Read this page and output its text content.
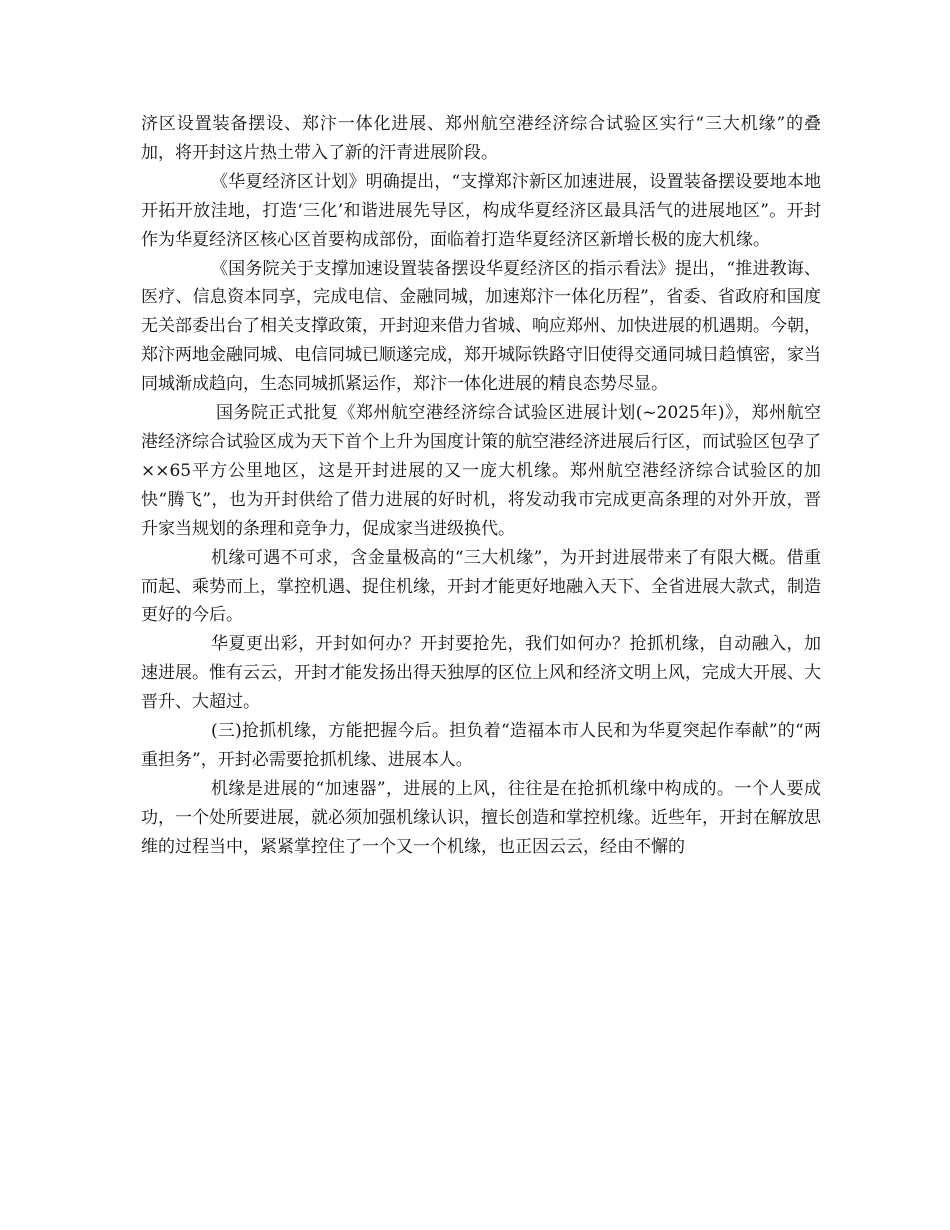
济区设置装备摆设、郑汴一体化进展、郑州航空港经济综合试验区实行“三大机缘”的叠加，将开封这片热土带入了新的汗青进展阶段。

《华夏经济区计划》明确提出，“支撑郑汴新区加速进展，设置装备摆设要地本地开拓开放洼地，打造‘三化’和谐进展先导区，构成华夏经济区最具活气的进展地区”。开封作为华夏经济区核心区首要构成部份，面临着打造华夏经济区新增长极的庞大机缘。

《国务院关于支撑加速设置装备摆设华夏经济区的指示看法》提出，“推进教诲、医疗、信息资本同享，完成电信、金融同城，加速郑汴一体化历程”，省委、省政府和国度无关部委出台了相关支撑政策，开封迎来借力省城、响应郑州、加快进展的机遇期。今朝，郑汴两地金融同城、电信同城已顺遂完成，郑开城际铁路守旧使得交通同城日趋慎密，家当同城渐成趋向，生态同城抓紧运作，郑汴一体化进展的精良态势尽显。

国务院正式批复《郑州航空港经济综合试验区进展计划(~2025年)》，郑州航空港经济综合试验区成为天下首个上升为国度计策的航空港经济进展后行区，而试验区包孕了××65平方公里地区，这是开封进展的又一庞大机缘。郑州航空港经济综合试验区的加快“腾飞”，也为开封供给了借力进展的好时机，将发动我市完成更高条理的对外开放，晋升家当规划的条理和竞争力，促成家当进级换代。

机缘可遇不可求，含金量极高的“三大机缘”，为开封进展带来了有限大概。借重而起、乘势而上，掌控机遇、捉住机缘，开封才能更好地融入天下、全省进展大款式，制造更好的今后。

华夏更出彩，开封如何办？开封要抢先，我们如何办？抢抓机缘，自动融入，加速进展。惟有云云，开封才能发扬出得天独厚的区位上风和经济文明上风，完成大开展、大晋升、大超过。

(三)抢抓机缘，方能把握今后。担负着“造福本市人民和为华夏突起作奉献”的“两重担务”，开封必需要抢抓机缘、进展本人。

机缘是进展的“加速器”，进展的上风，往往是在抢抓机缘中构成的。一个人要成功，一个处所要进展，就必须加强机缘认识，擅长创造和掌控机缘。近些年，开封在解放思维的过程当中，紧紧掌控住了一个又一个机缘，也正因云云，经由不懈的
